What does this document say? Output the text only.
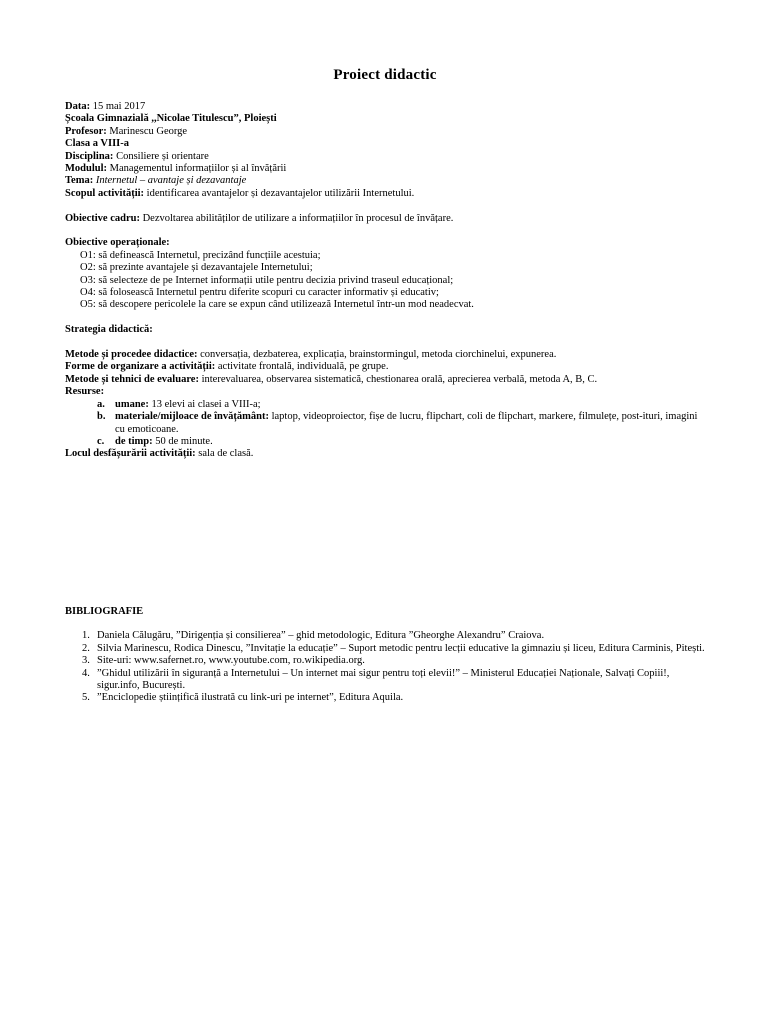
Proiect didactic
Data: 15 mai 2017
Școala Gimnazială ,,Nicolae Titulescu”, Ploiești
Profesor: Marinescu George
Clasa a VIII-a
Disciplina: Consiliere și orientare
Modulul: Managementul informațiilor și al învățării
Tema: Internetul – avantaje și dezavantaje
Scopul activității: identificarea avantajelor și dezavantajelor utilizării Internetului.
Obiective cadru: Dezvoltarea abilităților de utilizare a informațiilor în procesul de învățare.
Obiective operaționale:
O1: să definească Internetul, precizând funcțiile acestuia;
O2: să prezinte avantajele și dezavantajele Internetului;
O3: să selecteze de pe Internet informații utile pentru decizia privind traseul educațional;
O4: să folosească Internetul pentru diferite scopuri cu caracter informativ și educativ;
O5: să descopere pericolele la care se expun când utilizează Internetul într-un mod neadecvat.
Strategia didactică:
Metode și procedee didactice: conversația, dezbaterea, explicația, brainstormingul, metoda ciorchinelui, expunerea.
Forme de organizare a activității: activitate frontală, individuală, pe grupe.
Metode și tehnici de evaluare: interevaluarea, observarea sistematică, chestionarea orală, aprecierea verbală, metoda A, B, C.
Resurse:
a. umane: 13 elevi ai clasei a VIII-a;
b. materiale/mijloace de învățământ: laptop, videoproiector, fișe de lucru, flipchart, coli de flipchart, markere, filmulețe, post-ituri, imagini cu emoticoane.
c. de timp: 50 de minute.
Locul desfășurării activității: sala de clasă.
BIBLIOGRAFIE
1. Daniela Călugăru, ”Dirigenția și consilierea” – ghid metodologic, Editura ”Gheorghe Alexandru” Craiova.
2. Silvia Marinescu, Rodica Dinescu, ”Invitație la educație” – Suport metodic pentru lecții educative la gimnaziu și liceu, Editura Carminis, Pitești.
3. Site-uri: www.safernet.ro, www.youtube.com, ro.wikipedia.org.
4. ”Ghidul utilizării în siguranță a Internetului – Un internet mai sigur pentru toți elevii!” – Ministerul Educației Naționale, Salvați Copiii!, sigur.info, București.
5. ”Enciclopedie științifică ilustrată cu link-uri pe internet”, Editura Aquila.
